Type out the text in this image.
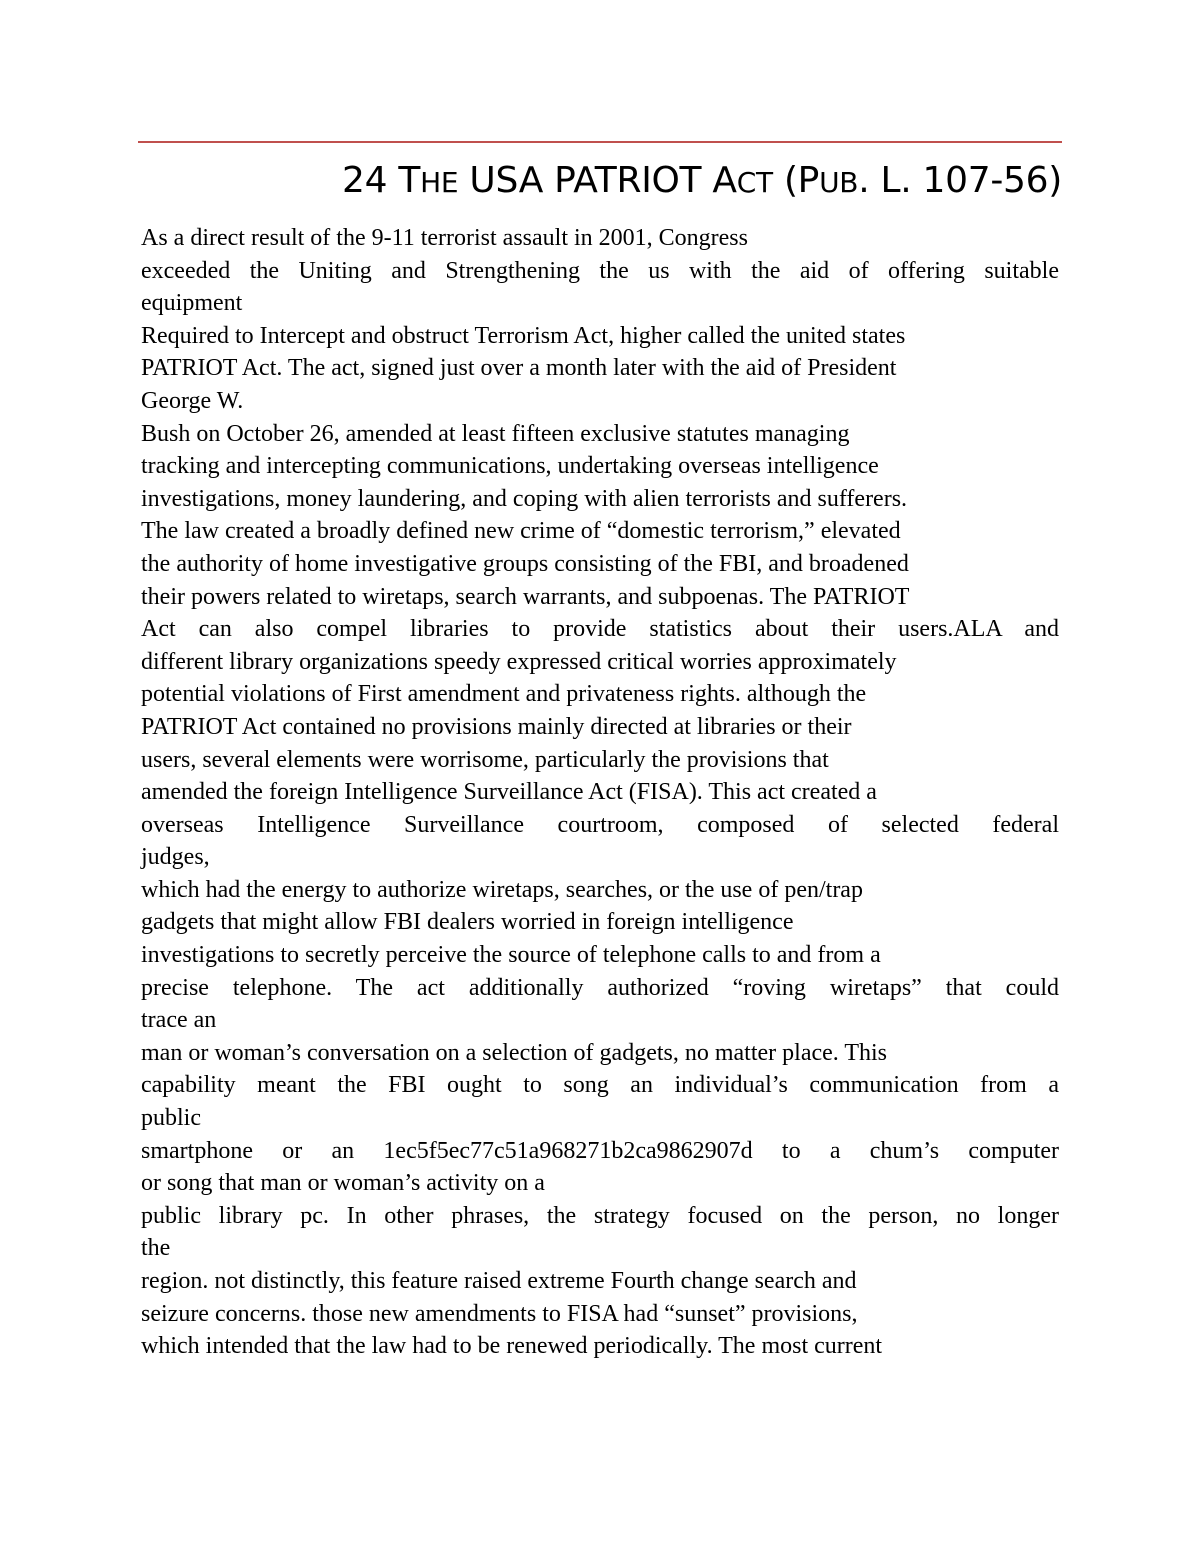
24 THE USA PATRIOT ACT (PUB. L. 107-56)
As a direct result of the 9-11 terrorist assault in 2001, Congress
exceeded the Uniting and Strengthening the us with the aid of offering suitable
equipment
Required to Intercept and obstruct Terrorism Act, higher called the united states
PATRIOT Act. The act, signed just over a month later with the aid of President
George W.
Bush on October 26, amended at least fifteen exclusive statutes managing
tracking and intercepting communications, undertaking overseas intelligence
investigations, money laundering, and coping with alien terrorists and sufferers.
The law created a broadly defined new crime of “domestic terrorism,” elevated
the authority of home investigative groups consisting of the FBI, and broadened
their powers related to wiretaps, search warrants, and subpoenas. The PATRIOT
Act can also compel libraries to provide statistics about their users.ALA and
different library organizations speedy expressed critical worries approximately
potential violations of First amendment and privateness rights. although the
PATRIOT Act contained no provisions mainly directed at libraries or their
users, several elements were worrisome, particularly the provisions that
amended the foreign Intelligence Surveillance Act (FISA). This act created a
overseas Intelligence Surveillance courtroom, composed of selected federal
judges,
which had the energy to authorize wiretaps, searches, or the use of pen/trap
gadgets that might allow FBI dealers worried in foreign intelligence
investigations to secretly perceive the source of telephone calls to and from a
precise telephone. The act additionally authorized “roving wiretaps” that could
trace an
man or woman’s conversation on a selection of gadgets, no matter place. This
capability meant the FBI ought to song an individual’s communication from a
public
smartphone or an 1ec5f5ec77c51a968271b2ca9862907d to a chum’s computer
or song that man or woman’s activity on a
public library pc. In other phrases, the strategy focused on the person, no longer
the
region. not distinctly, this feature raised extreme Fourth change search and
seizure concerns. those new amendments to FISA had “sunset” provisions,
which intended that the law had to be renewed periodically. The most current
